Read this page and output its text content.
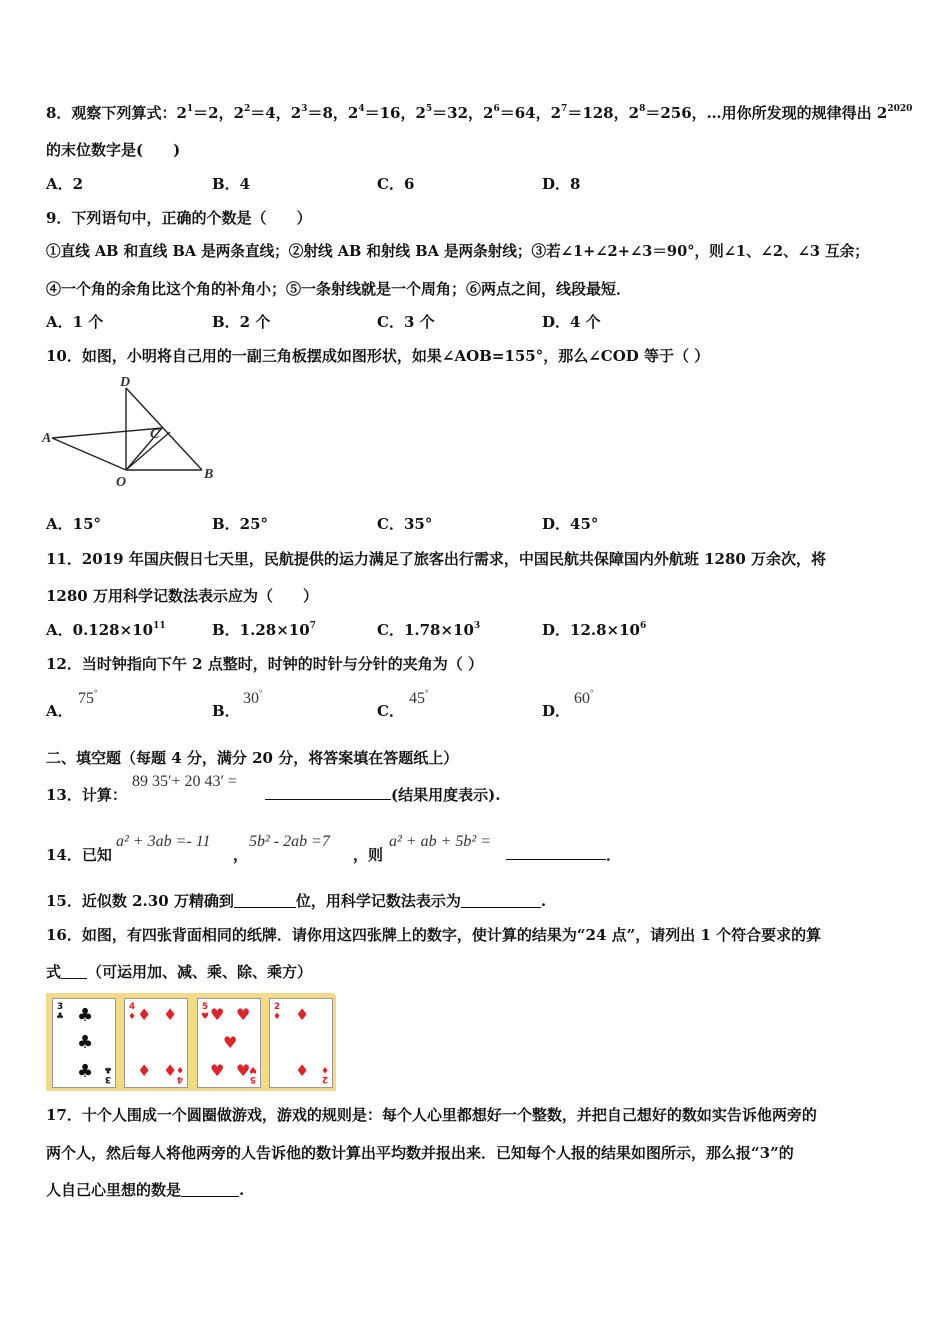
8．观察下列算式：$2^1=2$，$2^2=4$，$2^3=8$，$2^4=16$，$2^5=32$，$2^6=64$，$2^7=128$，$2^8=256$，…用你所发现的规律得出 $2^{2020}$
的末位数字是(　　)
A．2	B．4	C．6	D．8
9．下列语句中，正确的个数是（　　）
①直线 AB 和直线 BA 是两条直线；②射线 AB 和射线 BA 是两条射线；③若∠1+∠2+∠3＝90°，则∠1、∠2、∠3 互余；
④一个角的余角比这个角的补角小；⑤一条射线就是一个周角；⑥两点之间，线段最短．
A．1 个	B．2 个	C．3 个	D．4 个
10．如图，小明将自己用的一副三角板摆成如图形状，如果∠AOB=155°，那么∠COD 等于（ ）
D
A	C
B
O
A．15°	B．25°	C．35°	D．45°
11．2019 年国庆假日七天里，民航提供的运力满足了旅客出行需求，中国民航共保障国内外航班 1280 万余次，将
1280 万用科学记数法表示应为（　　）
A．$0.128\times 10^{11}$	B．$1.28\times 10^7$	C．$1.78\times 10^3$	D．$12.8\times 10^6$
12．当时钟指向下午 2 点整时，时钟的时针与分针的夹角为（ ）
A．
75°
B．
30°
C．
45°
D．
60°
二、填空题（每题 4 分，满分 20 分，将答案填在答题纸上）
13．计算：
89 35′+ 20 43′ =
(结果用度表示).
14．已知
a² + 3ab =- 11
，
5b² - 2ab =7
，则
a² + ab + 5b² =
．
15．近似数 2.30 万精确到	位，用科学记数法表示为	.
16．如图，有四张背面相同的纸牌．请你用这四张牌上的数字，使计算的结果为“24 点”，请列出 1 个符合要求的算
式 （可运用加、减、乘、除、乘方）
3
♣ ♣
♣
♣ 3
♣
4
♦ ♦ ♦
♦ ♦ 4
♦
5
♥ ♥ ♥
♥
♥ ♥ 5
♥
2
♦ ♦
♦ 2
♦
17．十个人围成一个圆圈做游戏，游戏的规则是：每个人心里都想好一个整数，并把自己想好的数如实告诉他两旁的
两个人，然后每人将他两旁的人告诉他的数计算出平均数并报出来．已知每个人报的结果如图所示，那么报“3”的
人自己心里想的数是	.
